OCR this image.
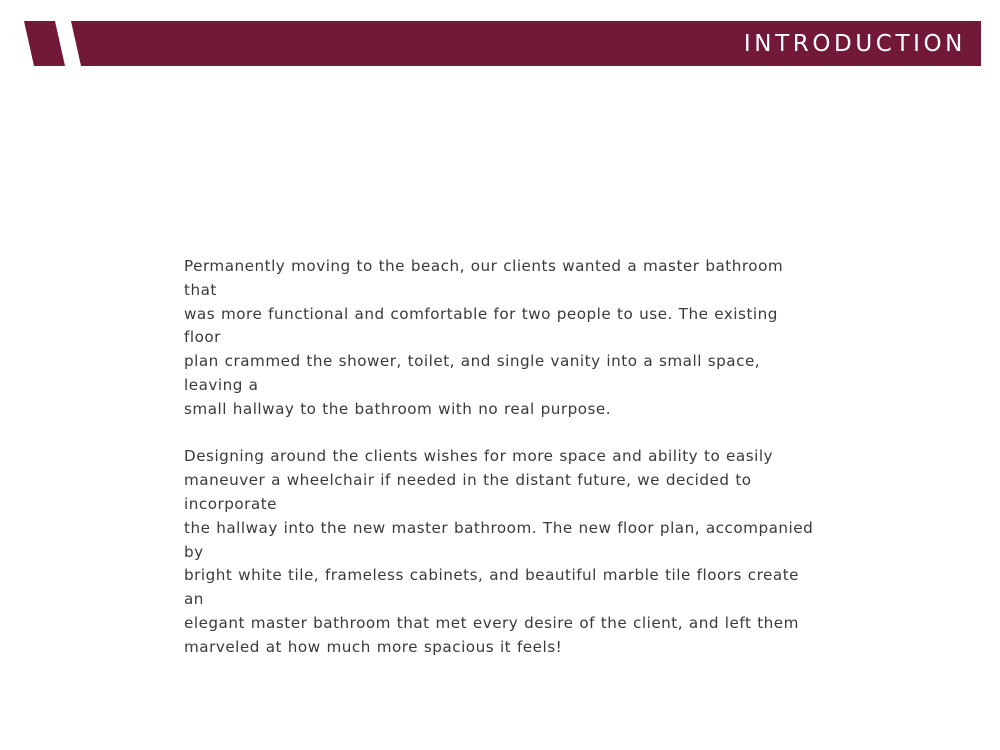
INTRODUCTION

Permanently moving to the beach, our clients wanted a master bathroom that
was more functional and comfortable for two people to use. The existing floor
plan crammed the shower, toilet, and single vanity into a small space, leaving a
small hallway to the bathroom with no real purpose.

Designing around the clients wishes for more space and ability to easily
maneuver a wheelchair if needed in the distant future, we decided to incorporate
the hallway into the new master bathroom. The new floor plan, accompanied by
bright white tile, frameless cabinets, and beautiful marble tile floors create an
elegant master bathroom that met every desire of the client, and left them
marveled at how much more spacious it feels!
